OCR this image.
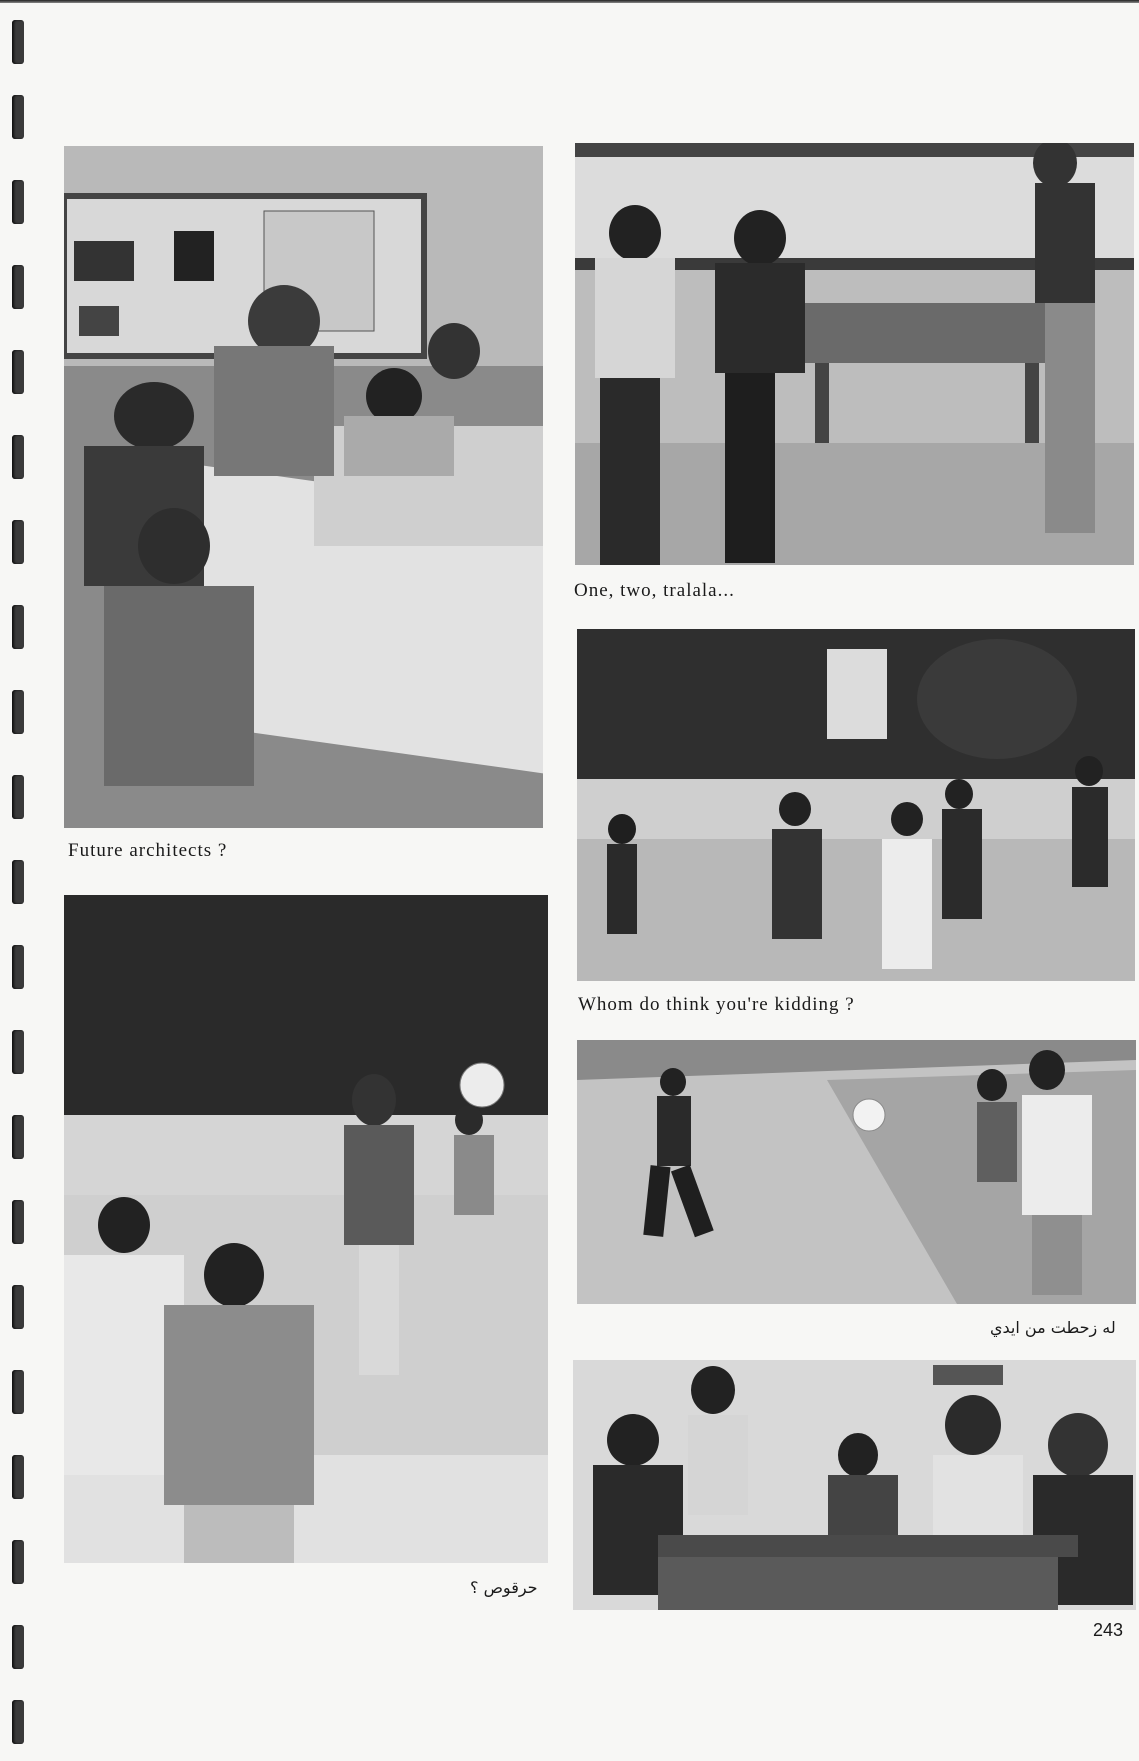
Future architects ?
One, two, tralala...
Whom do think you're kidding ?
حرقوص ؟
له زحطت من ايدي
243
